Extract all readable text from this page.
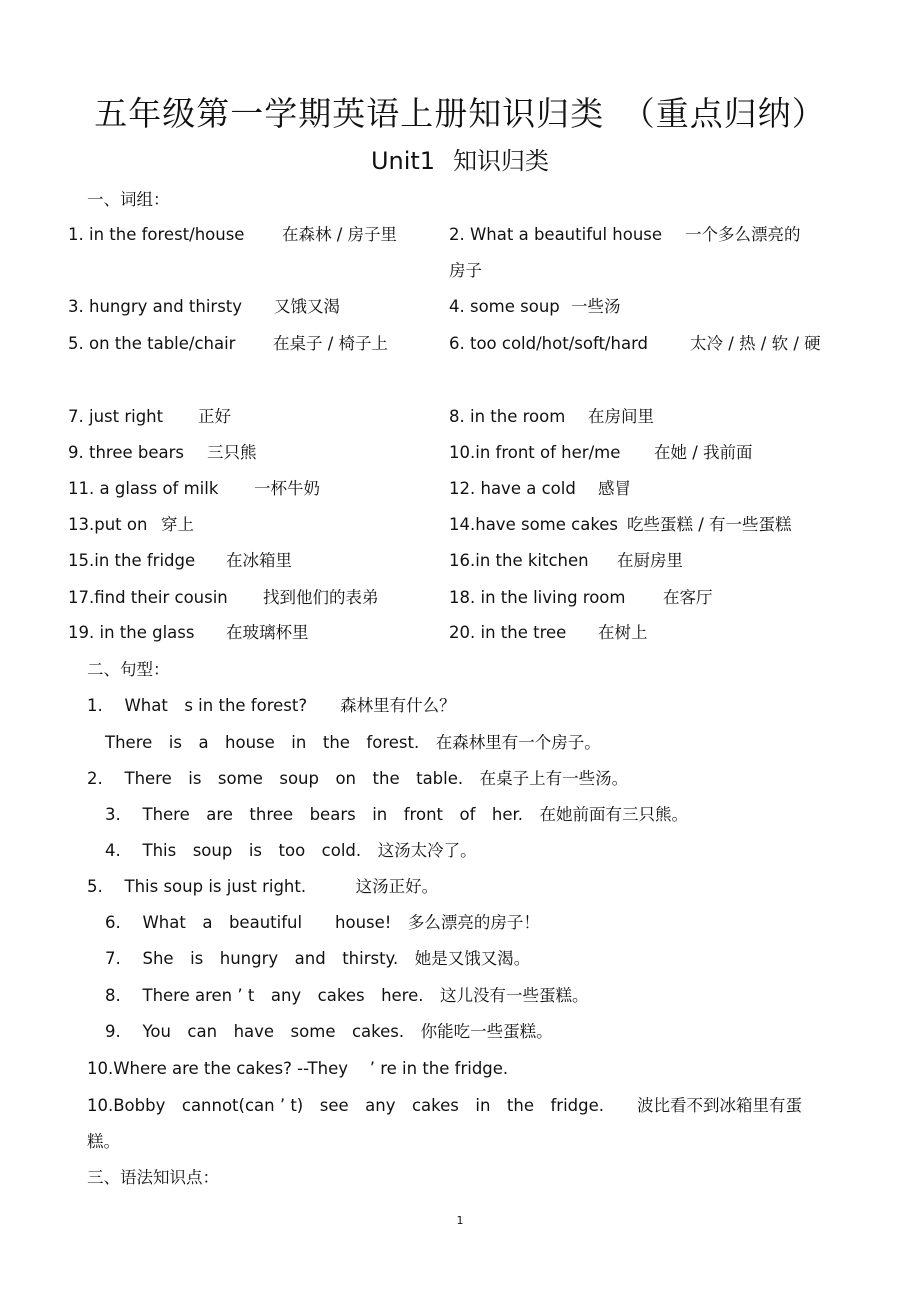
五年级第一学期英语上册知识归类　（重点归纳）
Unit1 知识归类
一、词组：
1. in the forest/house 在森林 / 房子里	2. What a beautiful house 一个多么漂亮的
房子
3. hungry and thirsty 又饿又渴	4. some soup 一些汤
5. on the table/chair 在桌子 / 椅子上	6. too cold/hot/soft/hard	太冷 / 热 / 软 / 硬
7. just right 正好	8. in the room 在房间里
9. three bears 三只熊	10.in front of her/me 在她 / 我前面
11. a glass of milk 一杯牛奶	12. have a cold 感冒
13.put on 穿上	14.have some cakes 吃些蛋糕 / 有一些蛋糕
15.in the fridge 在冰箱里	16.in the kitchen 在厨房里
17.find their cousin 找到他们的表弟	18. in the living room 在客厅
19. in the glass 在玻璃杯里	20. in the tree 在树上
二、句型：
1.　 What　s in the forest?　　森林里有什么？
There　is　a　house　in　the　forest.　在森林里有一个房子。
2.　 There　is　some　soup　on　the　table.　在桌子上有一些汤。
3.　 There　are　three　bears　in　front　of　her.　在她前面有三只熊。
4.　 This　soup　is　too　cold.　这汤太冷了。
5.　 This soup is just right.　　　这汤正好。
6.　 What　a　beautiful　　house!　多么漂亮的房子！
7.　 She　is　hungry　and　thirsty.　她是又饿又渴。
8.　 There aren ’ t　any　cakes　here.　这儿没有一些蛋糕。
9.　 You　can　have　some　cakes.　你能吃一些蛋糕。
10.Where are the cakes? --They　 ’ re in the fridge.
10.Bobby　cannot(can ’ t)　see　any　cakes　in　the　fridge.　　波比看不到冰箱里有蛋
糕。
三、语法知识点：
1
